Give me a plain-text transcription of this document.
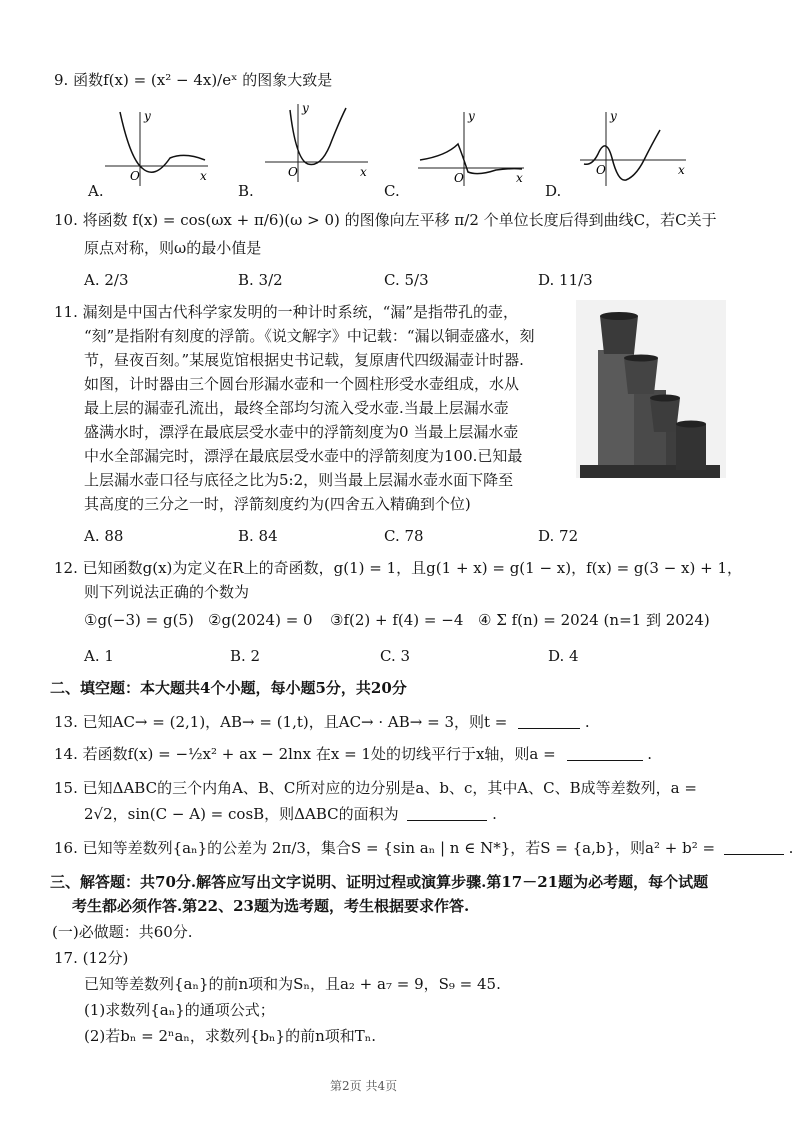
9. 函数f(x) = (x² − 4x)/eˣ 的图象大致是
y
x
O
A.
y
x
O
B.
y
x
O
C.
y
x
O
D.
10. 将函数 f(x) = cos(ωx + π/6)(ω > 0) 的图像向左平移 π/2 个单位长度后得到曲线C，若C关于
原点对称，则ω的最小值是
A. 2/3	B. 3/2	C. 5/3	D. 11/3
11. 漏刻是中国古代科学家发明的一种计时系统，“漏”是指带孔的壶，
“刻”是指附有刻度的浮箭。《说文解字》中记载：“漏以铜壶盛水，刻
节，昼夜百刻。”某展览馆根据史书记载，复原唐代四级漏壶计时器.
如图，计时器由三个圆台形漏水壶和一个圆柱形受水壶组成，水从
最上层的漏壶孔流出，最终全部均匀流入受水壶.当最上层漏水壶
盛满水时，漂浮在最底层受水壶中的浮箭刻度为0 当最上层漏水壶
中水全部漏完时，漂浮在最底层受水壶中的浮箭刻度为100.已知最
上层漏水壶口径与底径之比为5:2，则当最上层漏水壶水面下降至
其高度的三分之一时，浮箭刻度约为(四舍五入精确到个位)
A. 88	B. 84	C. 78	D. 72
12. 已知函数g(x)为定义在R上的奇函数，g(1) = 1，且g(1 + x) = g(1 − x)，f(x) = g(3 − x) + 1，
则下列说法正确的个数为
①g(−3) = g(5) ②g(2024) = 0 ③f(2) + f(4) = −4 ④ Σ f(n) = 2024 (n=1 到 2024)
A. 1	B. 2	C. 3	D. 4
二、填空题：本大题共4个小题，每小题5分，共20分
13. 已知AC→ = (2,1)，AB→ = (1,t)，且AC→ · AB→ = 3，则t =	.
14. 若函数f(x) = −½x² + ax − 2lnx 在x = 1处的切线平行于x轴，则a =	.
15. 已知ΔABC的三个内角A、B、C所对应的边分别是a、b、c，其中A、C、B成等差数列，a =
2√2，sin(C − A) = cosB，则ΔABC的面积为	.
16. 已知等差数列{aₙ}的公差为 2π/3，集合S = {sin aₙ | n ∈ N*}，若S = {a,b}，则a² + b² =	.
三、解答题：共70分.解答应写出文字说明、证明过程或演算步骤.第17－21题为必考题，每个试题
考生都必须作答.第22、23题为选考题，考生根据要求作答.
(一)必做题：共60分.
17. (12分)
已知等差数列{aₙ}的前n项和为Sₙ，且a₂ + a₇ = 9，S₉ = 45.
(1)求数列{aₙ}的通项公式；
(2)若bₙ = 2ⁿaₙ，求数列{bₙ}的前n项和Tₙ.
第2页 共4页
